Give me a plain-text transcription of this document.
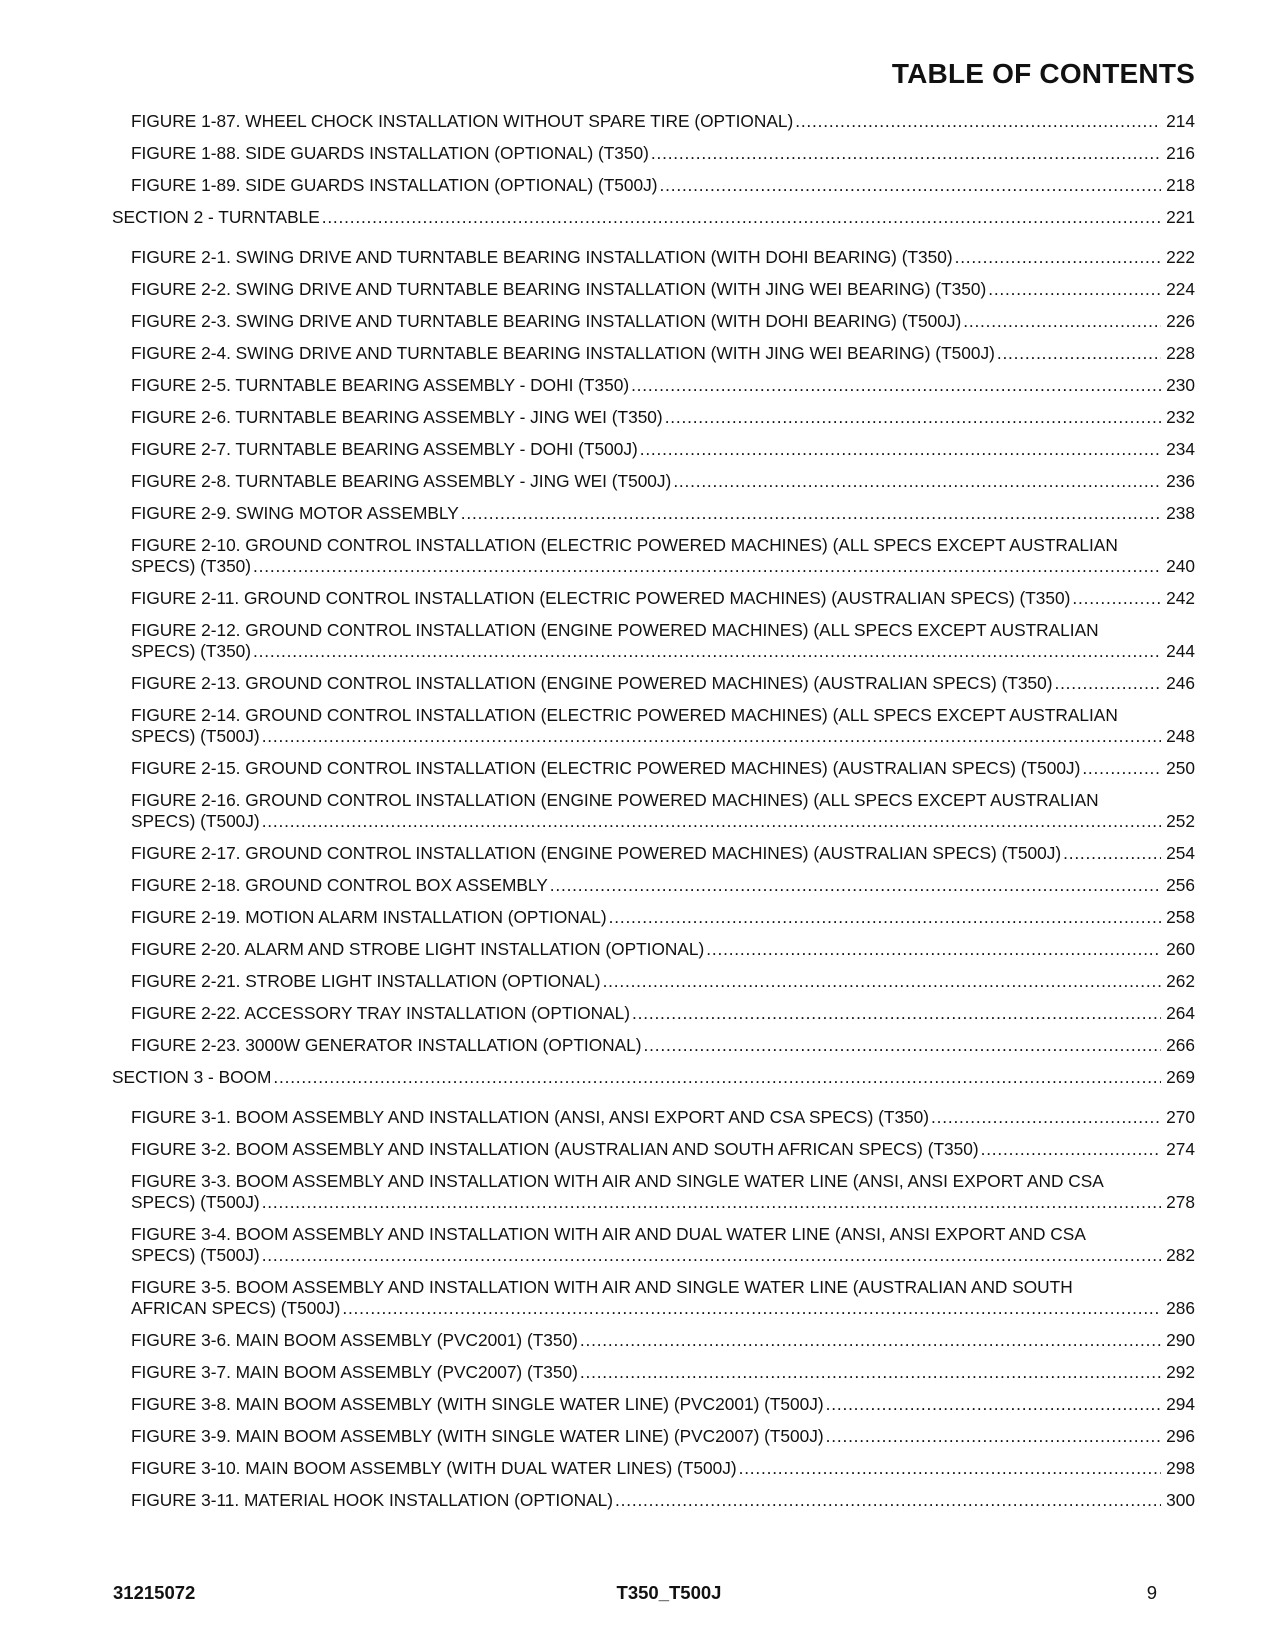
TABLE OF CONTENTS
FIGURE 1-87. WHEEL CHOCK INSTALLATION WITHOUT SPARE TIRE (OPTIONAL) .....	214
FIGURE 1-88. SIDE GUARDS INSTALLATION (OPTIONAL) (T350) .....	216
FIGURE 1-89. SIDE GUARDS INSTALLATION (OPTIONAL) (T500J) .....	218
SECTION 2 - TURNTABLE .....	221
FIGURE 2-1. SWING DRIVE AND TURNTABLE BEARING INSTALLATION (WITH DOHI BEARING) (T350) .....	222
FIGURE 2-2. SWING DRIVE AND TURNTABLE BEARING INSTALLATION (WITH JING WEI BEARING) (T350) .....	224
FIGURE 2-3. SWING DRIVE AND TURNTABLE BEARING INSTALLATION (WITH DOHI BEARING) (T500J) .....	226
FIGURE 2-4. SWING DRIVE AND TURNTABLE BEARING INSTALLATION (WITH JING WEI BEARING) (T500J) .....	228
FIGURE 2-5. TURNTABLE BEARING ASSEMBLY - DOHI (T350) .....	230
FIGURE 2-6. TURNTABLE BEARING ASSEMBLY - JING WEI (T350) .....	232
FIGURE 2-7. TURNTABLE BEARING ASSEMBLY - DOHI (T500J) .....	234
FIGURE 2-8. TURNTABLE BEARING ASSEMBLY - JING WEI (T500J) .....	236
FIGURE 2-9. SWING MOTOR ASSEMBLY .....	238
FIGURE 2-10. GROUND CONTROL INSTALLATION (ELECTRIC POWERED MACHINES) (ALL SPECS EXCEPT AUSTRALIAN
SPECS) (T350) .....	240
FIGURE 2-11. GROUND CONTROL INSTALLATION (ELECTRIC POWERED MACHINES) (AUSTRALIAN SPECS) (T350) .....	242
FIGURE 2-12. GROUND CONTROL INSTALLATION (ENGINE POWERED MACHINES) (ALL SPECS EXCEPT AUSTRALIAN
SPECS) (T350) .....	244
FIGURE 2-13. GROUND CONTROL INSTALLATION (ENGINE POWERED MACHINES) (AUSTRALIAN SPECS) (T350) .....	246
FIGURE 2-14. GROUND CONTROL INSTALLATION (ELECTRIC POWERED MACHINES) (ALL SPECS EXCEPT AUSTRALIAN
SPECS) (T500J) .....	248
FIGURE 2-15. GROUND CONTROL INSTALLATION (ELECTRIC POWERED MACHINES) (AUSTRALIAN SPECS) (T500J) .....	250
FIGURE 2-16. GROUND CONTROL INSTALLATION (ENGINE POWERED MACHINES) (ALL SPECS EXCEPT AUSTRALIAN
SPECS) (T500J) .....	252
FIGURE 2-17. GROUND CONTROL INSTALLATION (ENGINE POWERED MACHINES) (AUSTRALIAN SPECS) (T500J) .....	254
FIGURE 2-18. GROUND CONTROL BOX ASSEMBLY .....	256
FIGURE 2-19. MOTION ALARM INSTALLATION (OPTIONAL) .....	258
FIGURE 2-20. ALARM AND STROBE LIGHT INSTALLATION (OPTIONAL) .....	260
FIGURE 2-21. STROBE LIGHT INSTALLATION (OPTIONAL) .....	262
FIGURE 2-22. ACCESSORY TRAY INSTALLATION (OPTIONAL) .....	264
FIGURE 2-23. 3000W GENERATOR INSTALLATION (OPTIONAL) .....	266
SECTION 3 - BOOM .....	269
FIGURE 3-1. BOOM ASSEMBLY AND INSTALLATION (ANSI, ANSI EXPORT AND CSA SPECS) (T350) .....	270
FIGURE 3-2. BOOM ASSEMBLY AND INSTALLATION (AUSTRALIAN AND SOUTH AFRICAN SPECS) (T350) .....	274
FIGURE 3-3. BOOM ASSEMBLY AND INSTALLATION WITH AIR AND SINGLE WATER LINE (ANSI, ANSI EXPORT AND CSA
SPECS) (T500J) .....	278
FIGURE 3-4. BOOM ASSEMBLY AND INSTALLATION WITH AIR AND DUAL WATER LINE (ANSI, ANSI EXPORT AND CSA
SPECS) (T500J) .....	282
FIGURE 3-5. BOOM ASSEMBLY AND INSTALLATION WITH AIR AND SINGLE WATER LINE (AUSTRALIAN AND SOUTH
AFRICAN SPECS) (T500J) .....	286
FIGURE 3-6. MAIN BOOM ASSEMBLY (PVC2001) (T350) .....	290
FIGURE 3-7. MAIN BOOM ASSEMBLY (PVC2007) (T350) .....	292
FIGURE 3-8. MAIN BOOM ASSEMBLY (WITH SINGLE WATER LINE) (PVC2001) (T500J) .....	294
FIGURE 3-9. MAIN BOOM ASSEMBLY (WITH SINGLE WATER LINE) (PVC2007) (T500J) .....	296
FIGURE 3-10. MAIN BOOM ASSEMBLY (WITH DUAL WATER LINES) (T500J) .....	298
FIGURE 3-11. MATERIAL HOOK INSTALLATION (OPTIONAL) .....	300
31215072	T350_T500J	9
